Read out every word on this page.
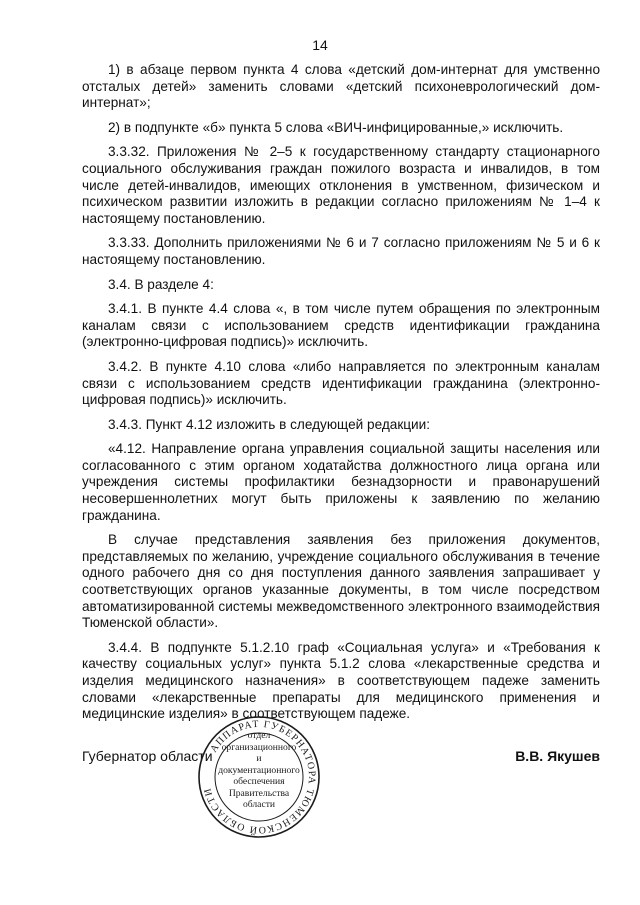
14

1) в абзаце первом пункта 4 слова «детский дом-интернат для умственно отсталых детей» заменить словами «детский психоневрологический дом-интернат»;

2) в подпункте «б» пункта 5 слова «ВИЧ-инфицированные,» исключить.

3.3.32. Приложения № 2–5 к государственному стандарту стационарного социального обслуживания граждан пожилого возраста и инвалидов, в том числе детей-инвалидов, имеющих отклонения в умственном, физическом и психическом развитии изложить в редакции согласно приложениям № 1–4 к настоящему постановлению.

3.3.33. Дополнить приложениями № 6 и 7 согласно приложениям № 5 и 6 к настоящему постановлению.

3.4. В разделе 4:

3.4.1. В пункте 4.4 слова «, в том числе путем обращения по электронным каналам связи с использованием средств идентификации гражданина (электронно-цифровая подпись)» исключить.

3.4.2. В пункте 4.10 слова «либо направляется по электронным каналам связи с использованием средств идентификации гражданина (электронно-цифровая подпись)» исключить.

3.4.3. Пункт 4.12 изложить в следующей редакции:

«4.12. Направление органа управления социальной защиты населения или согласованного с этим органом ходатайства должностного лица органа или учреждения системы профилактики безнадзорности и правонарушений несовершеннолетних могут быть приложены к заявлению по желанию гражданина.

В случае представления заявления без приложения документов, представляемых по желанию, учреждение социального обслуживания в течение одного рабочего дня со дня поступления данного заявления запрашивает у соответствующих органов указанные документы, в том числе посредством автоматизированной системы межведомственного электронного взаимодействия Тюменской области».

3.4.4. В подпункте 5.1.2.10 граф «Социальная услуга» и «Требования к качеству социальных услуг» пункта 5.1.2 слова «лекарственные средства и изделия медицинского назначения» в соответствующем падеже заменить словами «лекарственные препараты для медицинского применения и медицинские изделия» в соответствующем падеже.

Губернатор области	В.В. Якушев
АППАРАТ ГУБЕРНАТОРА ТЮМЕНСКОЙ ОБЛАСТИ
отдел
организационного
и
документационного
обеспечения
Правительства
области
